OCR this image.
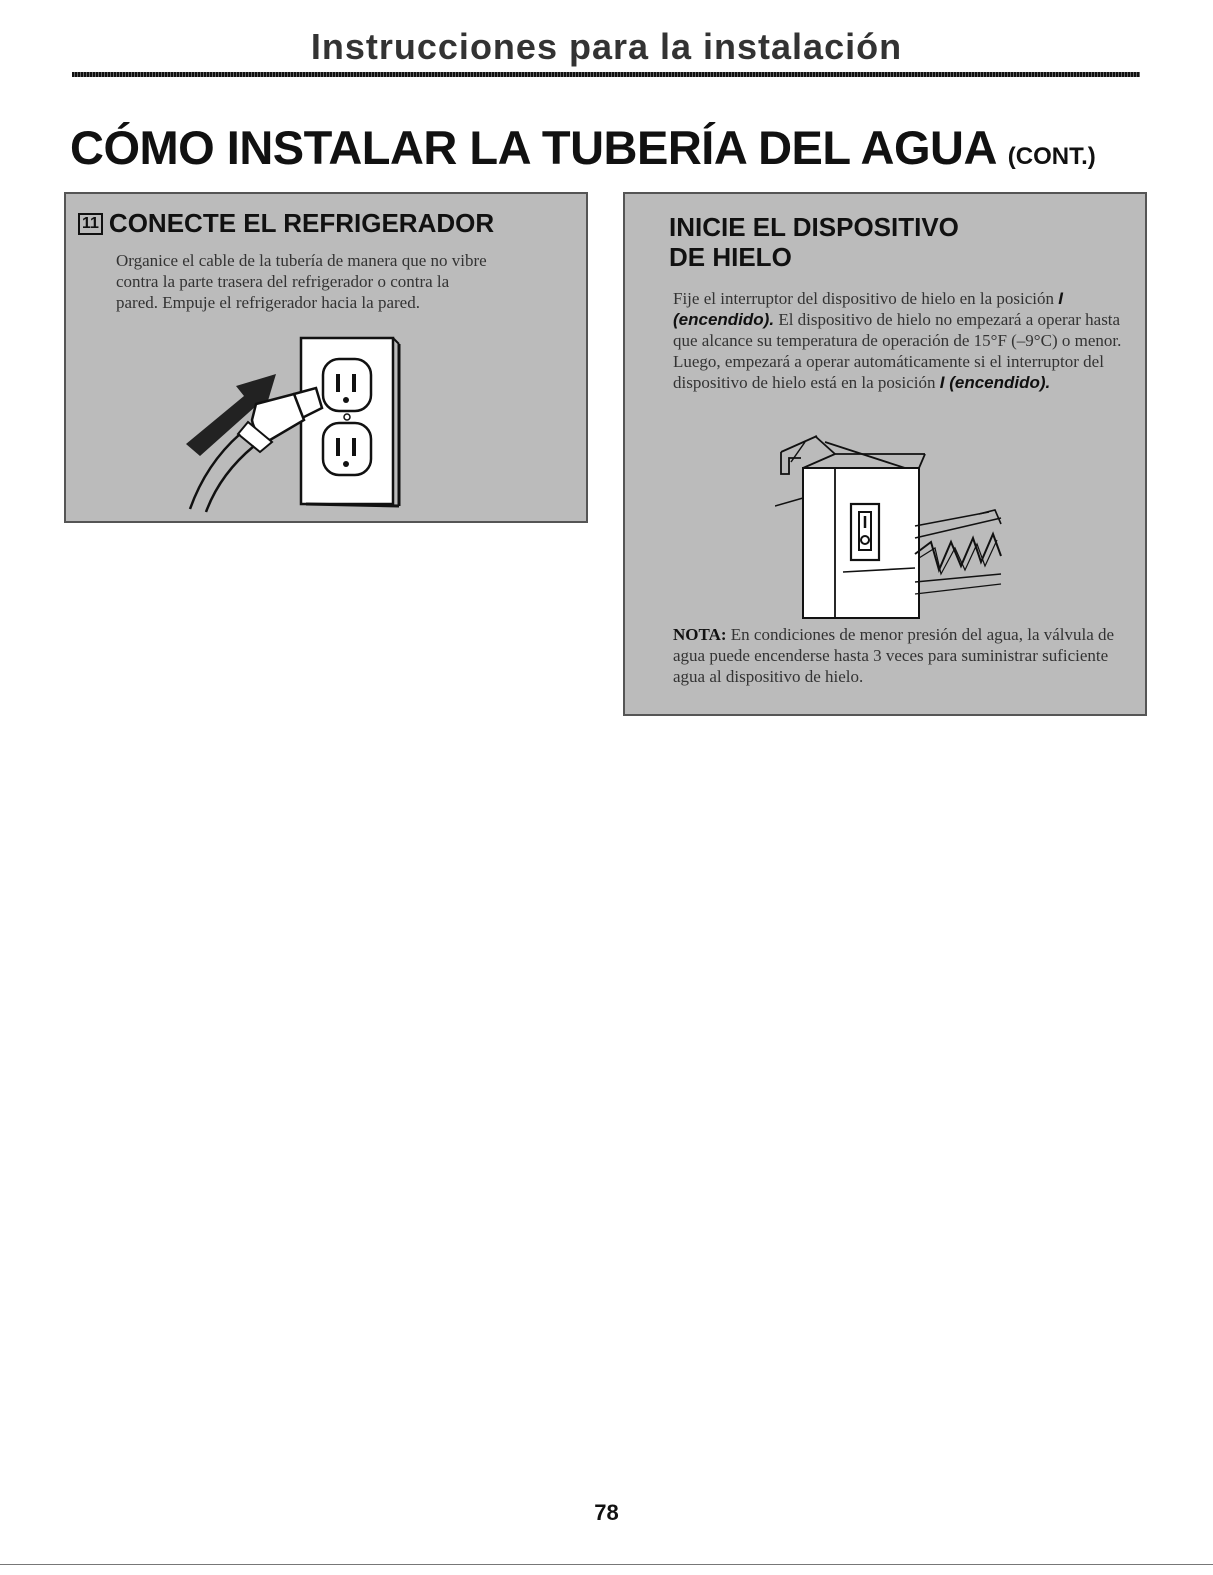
Instrucciones para la instalación
CÓMO INSTALAR LA TUBERÍA DEL AGUA (CONT.)
11 CONECTE EL REFRIGERADOR

Organice el cable de la tubería de manera que no vibre
contra la parte trasera del refrigerador o contra la
pared. Empuje el refrigerador hacia la pared.

INICIE EL DISPOSITIVO
DE HIELO

Fije el interruptor del dispositivo de hielo en la posición I (encendido). El dispositivo de hielo no empezará a operar hasta que alcance su temperatura de operación de 15°F (–9°C) o menor. Luego, empezará a operar automáticamente si el interruptor del dispositivo de hielo está en la posición I (encendido).

NOTA: En condiciones de menor presión del agua, la válvula de agua puede encenderse hasta 3 veces para suministrar suficiente agua al dispositivo de hielo.

78
